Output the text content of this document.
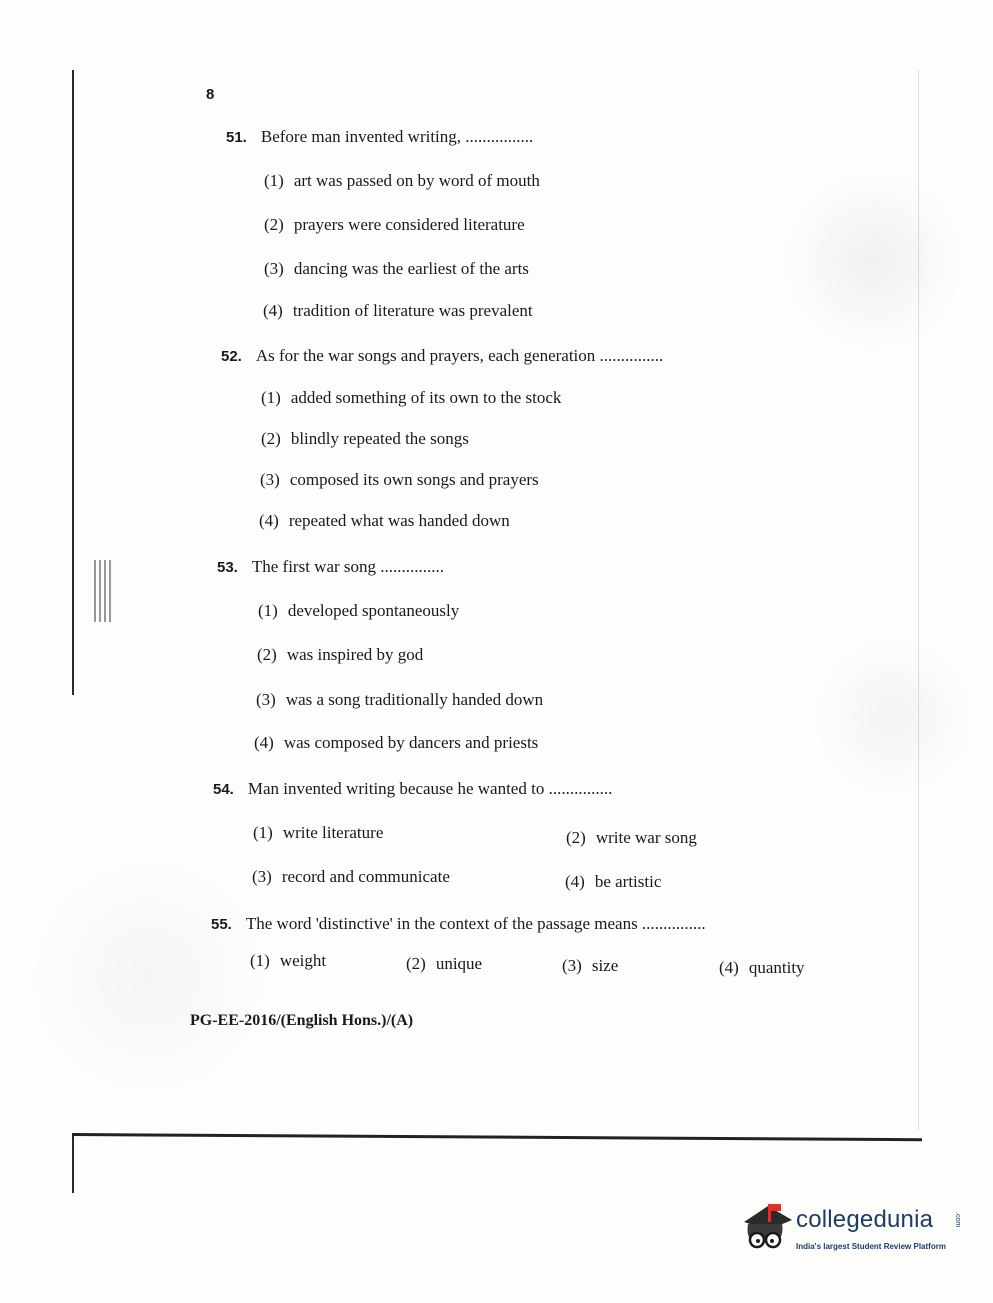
8
51. Before man invented writing, ................
(1) art was passed on by word of mouth
(2) prayers were considered literature
(3) dancing was the earliest of the arts
(4) tradition of literature was prevalent
52. As for the war songs and prayers, each generation ...............
(1) added something of its own to the stock
(2) blindly repeated the songs
(3) composed its own songs and prayers
(4) repeated what was handed down
53. The first war song ...............
(1) developed spontaneously
(2) was inspired by god
(3) was a song traditionally handed down
(4) was composed by dancers and priests
54. Man invented writing because he wanted to ...............
(1) write literature	(2) write war song
(3) record and communicate	(4) be artistic
55. The word 'distinctive' in the context of the passage means ...............
(1) weight	(2) unique	(3) size	(4) quantity
PG-EE-2016/(English Hons.)/(A)
collegedunia	.com
India's largest Student Review Platform
